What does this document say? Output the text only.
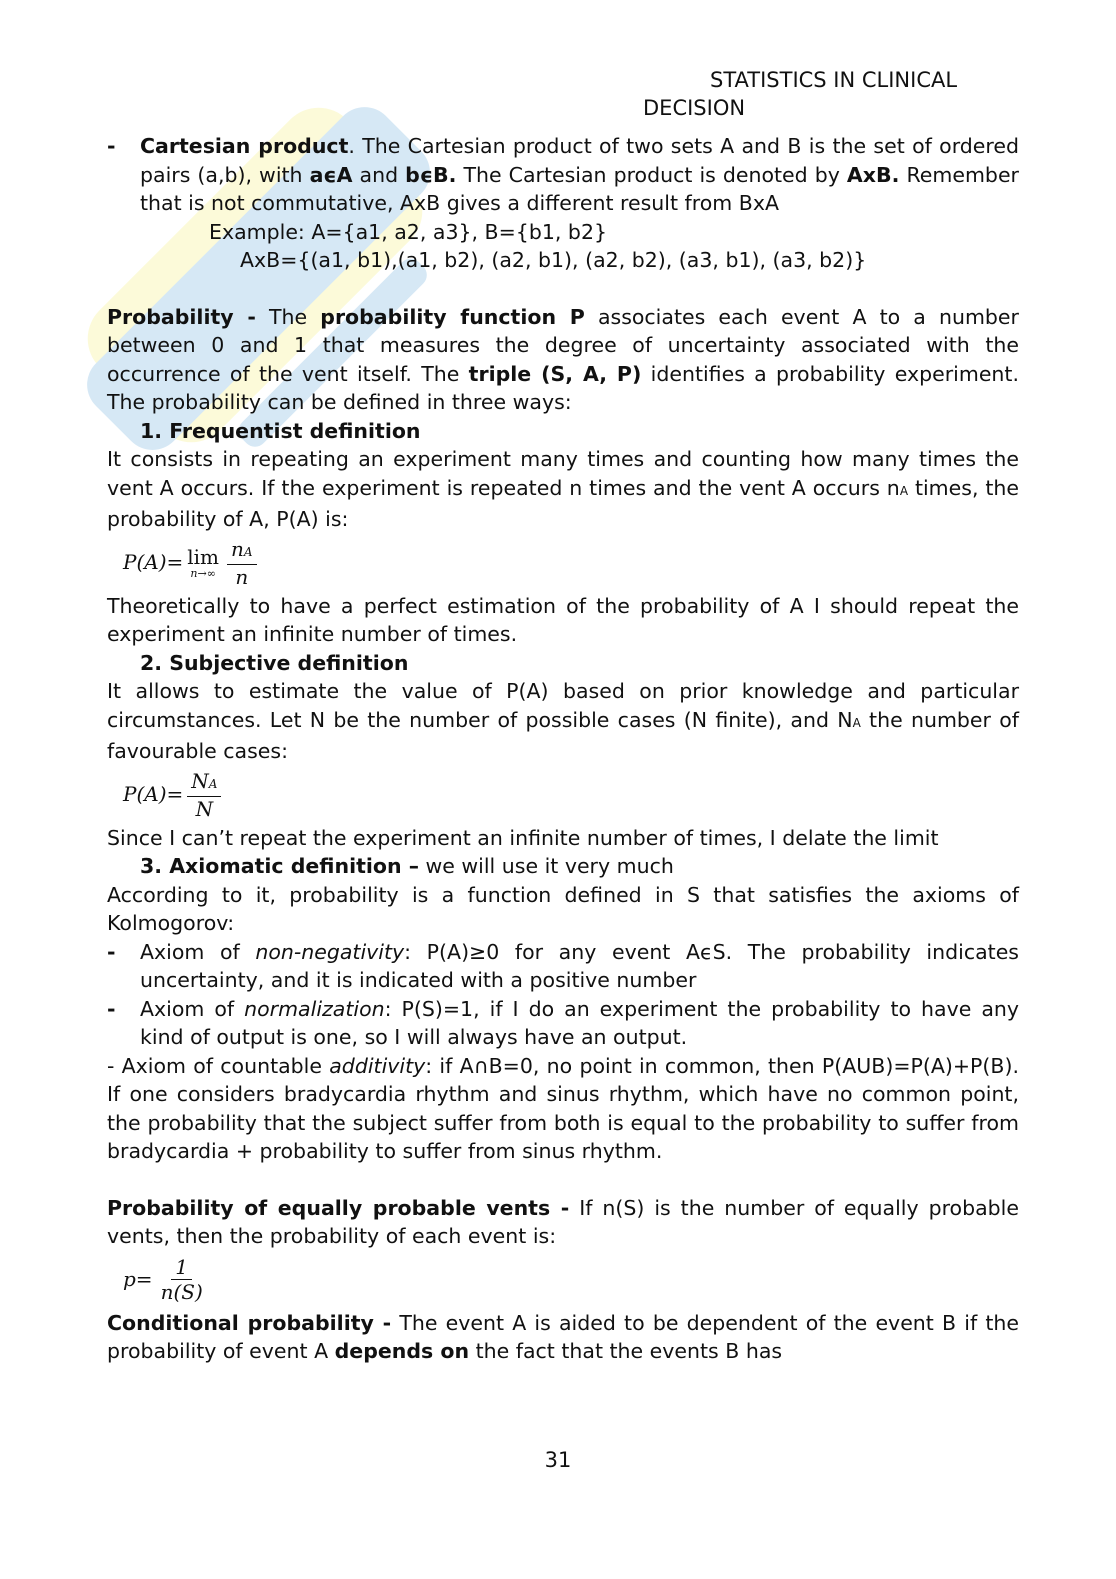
STATISTICS IN CLINICAL
DECISION
- Cartesian product. The Cartesian product of two sets A and B is the set of ordered pairs (a,b), with aϵA and bϵB. The Cartesian product is denoted by AxB. Remember that is not commutative, AxB gives a different result from BxA
Example: A={a1, a2, a3}, B={b1, b2}
AxB={(a1, b1),(a1, b2), (a2, b1), (a2, b2), (a3, b1), (a3, b2)}
Probability - The probability function P associates each event A to a number between 0 and 1 that measures the degree of uncertainty associated with the occurrence of the vent itself. The triple (S, A, P) identifies a probability experiment. The probability can be defined in three ways:
1. Frequentist definition
It consists in repeating an experiment many times and counting how many times the vent A occurs. If the experiment is repeated n times and the vent A occurs nA times, the probability of A, P(A) is:
P(A)= lim
$n\to\infty \frac{nA}{n}$
Theoretically to have a perfect estimation of the probability of A I should repeat the experiment an infinite number of times.
2. Subjective definition
It allows to estimate the value of P(A) based on prior knowledge and particular circumstances. Let N be the number of possible cases (N finite), and NA the number of favourable cases:
$P(A)= \frac{NA}{N}$
Since I can’t repeat the experiment an infinite number of times, I delate the limit
3. Axiomatic definition – we will use it very much
According to it, probability is a function defined in S that satisfies the axioms of Kolmogorov:
- Axiom of non-negativity: P(A)≥0 for any event AϵS. The probability indicates uncertainty, and it is indicated with a positive number
- Axiom of normalization: P(S)=1, if I do an experiment the probability to have any kind of output is one, so I will always have an output.
- Axiom of countable additivity: if A∩B=0, no point in common, then P(AUB)=P(A)+P(B). If one considers bradycardia rhythm and sinus rhythm, which have no common point, the probability that the subject suffer from both is equal to the probability to suffer from bradycardia + probability to suffer from sinus rhythm.
Probability of equally probable vents - If n(S) is the number of equally probable vents, then the probability of each event is:
$p= \frac{1}{n(S)}$
Conditional probability - The event A is aided to be dependent of the event B if the probability of event A depends on the fact that the events B has
31
